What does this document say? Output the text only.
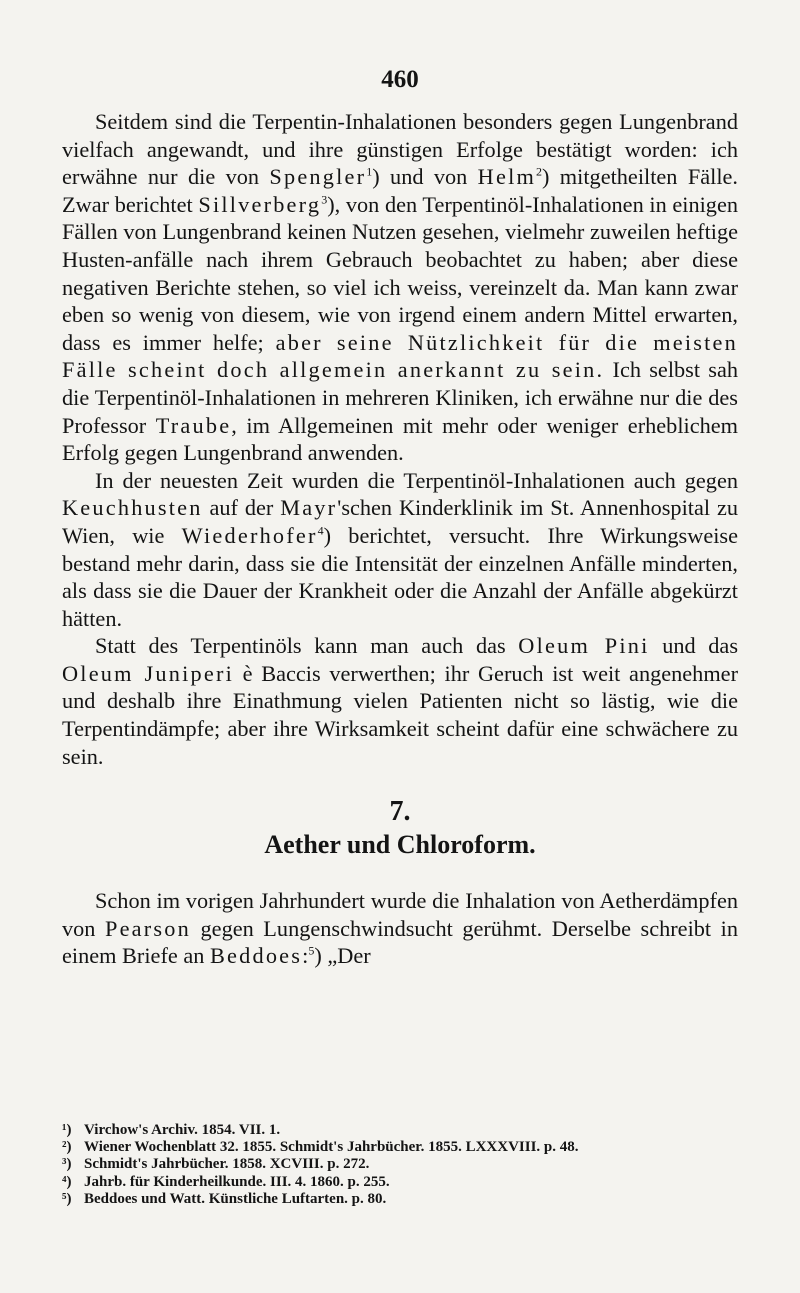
460

Seitdem sind die Terpentin-Inhalationen besonders gegen Lungenbrand vielfach angewandt, und ihre günstigen Erfolge bestätigt worden: ich erwähne nur die von Spengler$^1$) und von Helm$^2$) mitgetheilten Fälle. Zwar berichtet Sillverberg$^3$), von den Terpentinöl-Inhalationen in einigen Fällen von Lungenbrand keinen Nutzen gesehen, vielmehr zuweilen heftige Husten-anfälle nach ihrem Gebrauch beobachtet zu haben; aber diese negativen Berichte stehen, so viel ich weiss, vereinzelt da. Man kann zwar eben so wenig von diesem, wie von irgend einem andern Mittel erwarten, dass es immer helfe; aber seine Nützlichkeit für die meisten Fälle scheint doch allgemein anerkannt zu sein. Ich selbst sah die Terpentinöl-Inhalationen in mehreren Kliniken, ich erwähne nur die des Professor Traube, im Allgemeinen mit mehr oder weniger erheblichem Erfolg gegen Lungenbrand anwenden.

In der neuesten Zeit wurden die Terpentinöl-Inhalationen auch gegen Keuchhusten auf der Mayr'schen Kinderklinik im St. Annenhospital zu Wien, wie Wiederhofer$^4$) berichtet, versucht. Ihre Wirkungsweise bestand mehr darin, dass sie die Intensität der einzelnen Anfälle minderten, als dass sie die Dauer der Krankheit oder die Anzahl der Anfälle abgekürzt hätten.

Statt des Terpentinöls kann man auch das Oleum Pini und das Oleum Juniperi è Baccis verwerthen; ihr Geruch ist weit angenehmer und deshalb ihre Einathmung vielen Patienten nicht so lästig, wie die Terpentindämpfe; aber ihre Wirksamkeit scheint dafür eine schwächere zu sein.

7.
Aether und Chloroform.

Schon im vorigen Jahrhundert wurde die Inhalation von Aetherdämpfen von Pearson gegen Lungenschwindsucht gerühmt. Derselbe schreibt in einem Briefe an Beddoes:$^5$) „Der

¹) Virchow's Archiv. 1854. VII. 1.

²) Wiener Wochenblatt 32. 1855. Schmidt's Jahrbücher. 1855. LXXXVIII. p. 48.

³) Schmidt's Jahrbücher. 1858. XCVIII. p. 272.

⁴) Jahrb. für Kinderheilkunde. III. 4. 1860. p. 255.

⁵) Beddoes und Watt. Künstliche Luftarten. p. 80.
